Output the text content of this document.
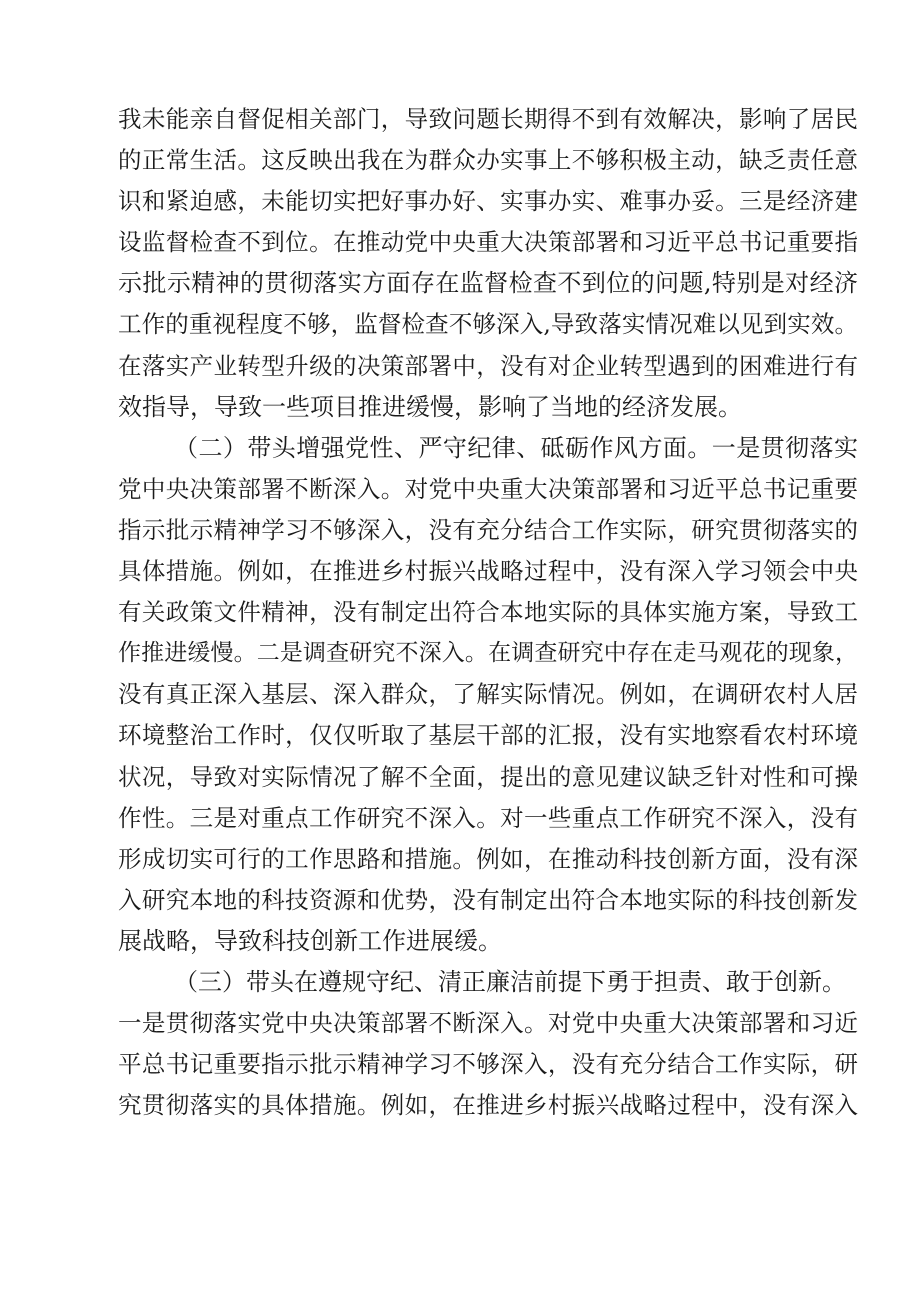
我未能亲自督促相关部门，导致问题长期得不到有效解决，影响了居民
的正常生活。这反映出我在为群众办实事上不够积极主动，缺乏责任意
识和紧迫感，未能切实把好事办好、实事办实、难事办妥。三是经济建
设监督检查不到位。在推动党中央重大决策部署和习近平总书记重要指
示批示精神的贯彻落实方面存在监督检查不到位的问题,特别是对经济
工作的重视程度不够，监督检查不够深入,导致落实情况难以见到实效。
在落实产业转型升级的决策部署中，没有对企业转型遇到的困难进行有
效指导，导致一些项目推进缓慢，影响了当地的经济发展。
（二）带头增强党性、严守纪律、砥砺作风方面。一是贯彻落实
党中央决策部署不断深入。对党中央重大决策部署和习近平总书记重要
指示批示精神学习不够深入，没有充分结合工作实际，研究贯彻落实的
具体措施。例如，在推进乡村振兴战略过程中，没有深入学习领会中央
有关政策文件精神，没有制定出符合本地实际的具体实施方案，导致工
作推进缓慢。二是调查研究不深入。在调查研究中存在走马观花的现象，
没有真正深入基层、深入群众，了解实际情况。例如，在调研农村人居
环境整治工作时，仅仅听取了基层干部的汇报，没有实地察看农村环境
状况，导致对实际情况了解不全面，提出的意见建议缺乏针对性和可操
作性。三是对重点工作研究不深入。对一些重点工作研究不深入，没有
形成切实可行的工作思路和措施。例如，在推动科技创新方面，没有深
入研究本地的科技资源和优势，没有制定出符合本地实际的科技创新发
展战略，导致科技创新工作进展缓。
（三）带头在遵规守纪、清正廉洁前提下勇于担责、敢于创新。
一是贯彻落实党中央决策部署不断深入。对党中央重大决策部署和习近
平总书记重要指示批示精神学习不够深入，没有充分结合工作实际，研
究贯彻落实的具体措施。例如，在推进乡村振兴战略过程中，没有深入
